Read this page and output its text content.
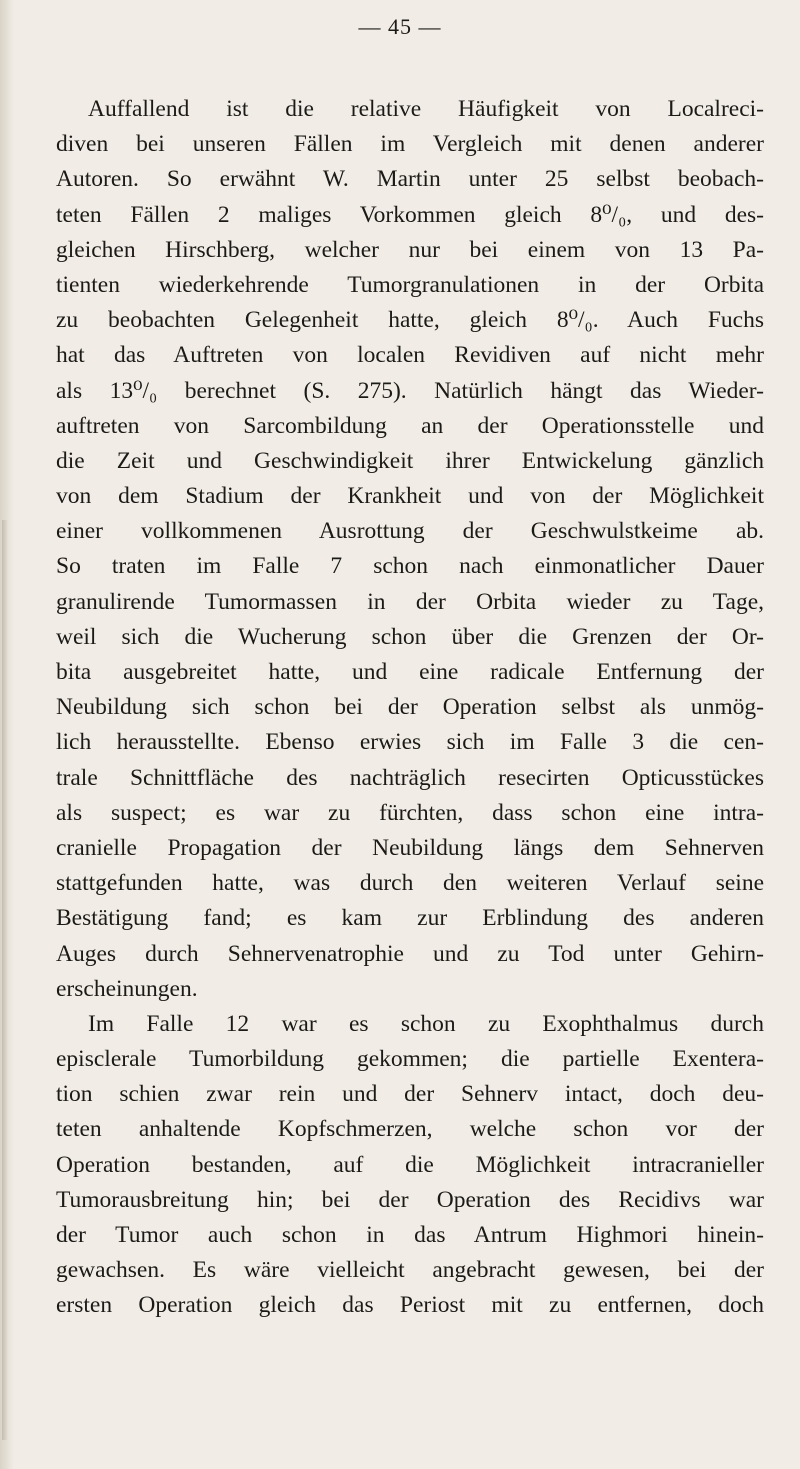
— 45 —
Auffallend ist die relative Häufigkeit von Localreci-
diven bei unseren Fällen im Vergleich mit denen anderer
Autoren. So erwähnt W. Martin unter 25 selbst beobach-
teten Fällen 2 maliges Vorkommen gleich 8⁰/₀, und des-
gleichen Hirschberg, welcher nur bei einem von 13 Pa-
tienten wiederkehrende Tumorgranulationen in der Orbita
zu beobachten Gelegenheit hatte, gleich 8⁰/₀. Auch Fuchs
hat das Auftreten von localen Revidiven auf nicht mehr
als 13⁰/₀ berechnet (S. 275). Natürlich hängt das Wieder-
auftreten von Sarcombildung an der Operationsstelle und
die Zeit und Geschwindigkeit ihrer Entwickelung gänzlich
von dem Stadium der Krankheit und von der Möglichkeit
einer vollkommenen Ausrottung der Geschwulstkeime ab.
So traten im Falle 7 schon nach einmonatlicher Dauer
granulirende Tumormassen in der Orbita wieder zu Tage,
weil sich die Wucherung schon über die Grenzen der Or-
bita ausgebreitet hatte, und eine radicale Entfernung der
Neubildung sich schon bei der Operation selbst als unmög-
lich herausstellte. Ebenso erwies sich im Falle 3 die cen-
trale Schnittfläche des nachträglich resecirten Opticusstückes
als suspect; es war zu fürchten, dass schon eine intra-
cranielle Propagation der Neubildung längs dem Sehnerven
stattgefunden hatte, was durch den weiteren Verlauf seine
Bestätigung fand; es kam zur Erblindung des anderen
Auges durch Sehnervenatrophie und zu Tod unter Gehirn-
erscheinungen.
Im Falle 12 war es schon zu Exophthalmus durch
episclerale Tumorbildung gekommen; die partielle Exentera-
tion schien zwar rein und der Sehnerv intact, doch deu-
teten anhaltende Kopfschmerzen, welche schon vor der
Operation bestanden, auf die Möglichkeit intracranieller
Tumorausbreitung hin; bei der Operation des Recidivs war
der Tumor auch schon in das Antrum Highmori hinein-
gewachsen. Es wäre vielleicht angebracht gewesen, bei der
ersten Operation gleich das Periost mit zu entfernen, doch
